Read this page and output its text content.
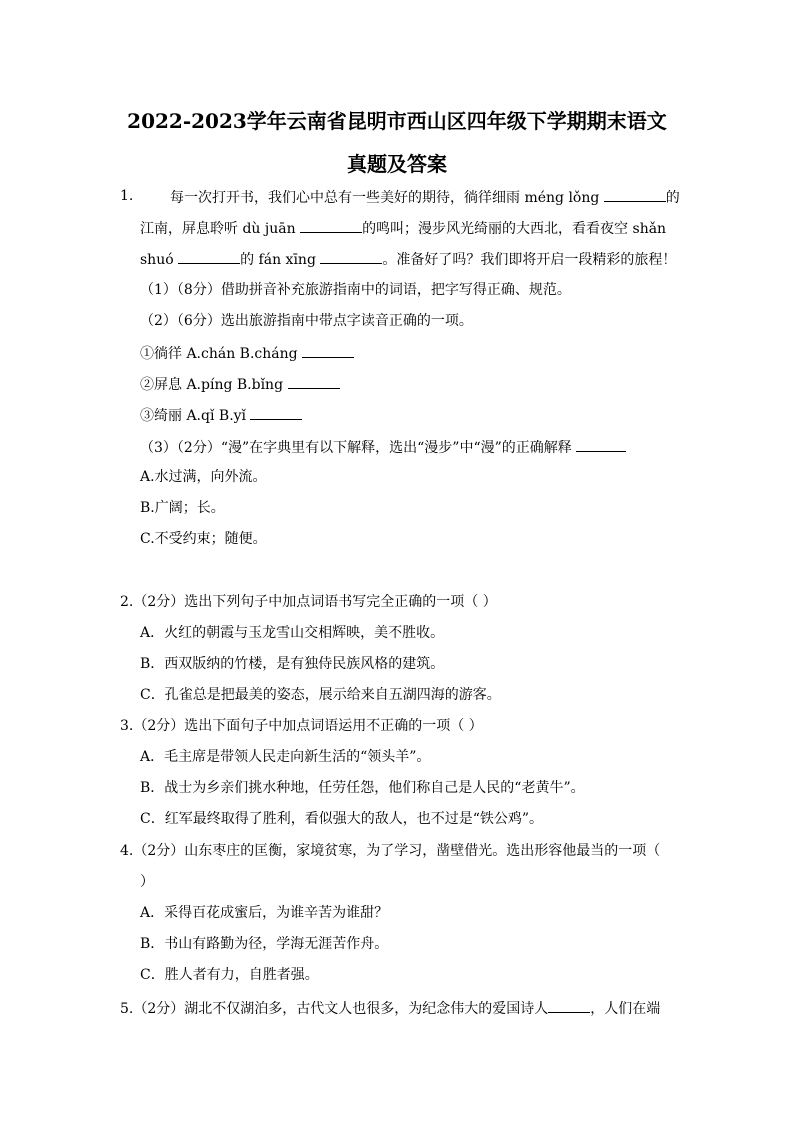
2022-2023学年云南省昆明市西山区四年级下学期期末语文
真题及答案
1.	每一次打开书，我们心中总有一些美好的期待，徜徉细雨 méng lǒng	的
江南，屏息聆听 dù juān	的鸣叫；漫步风光绮丽的大西北，看看夜空 shǎn
shuó	的 fán xīng	。准备好了吗？我们即将开启一段精彩的旅程！
（1）（8分）借助拼音补充旅游指南中的词语，把字写得正确、规范。
（2）（6分）选出旅游指南中带点字读音正确的一项。
①徜徉 A.chán B.cháng
②屏息 A.píng B.bǐng
③绮丽 A.qǐ B.yǐ
（3）（2分）“漫”在字典里有以下解释，选出“漫步”中“漫”的正确解释
A.水过满，向外流。
B.广阔；长。
C.不受约束；随便。
2.（2分）选出下列句子中加点词语书写完全正确的一项（ ）
A．火红的朝霞与玉龙雪山交相辉映，美不胜收。
B．西双版纳的竹楼，是有独侍民族风格的建筑。
C．孔雀总是把最美的姿态，展示给来自五湖四海的游客。
3.（2分）选出下面句子中加点词语运用不正确的一项（ ）
A．毛主席是带领人民走向新生活的“领头羊”。
B．战士为乡亲们挑水种地，任劳任怨，他们称自己是人民的“老黄牛”。
C．红军最终取得了胜利，看似强大的敌人，也不过是“铁公鸡”。
4.（2分）山东枣庄的匡衡，家境贫寒，为了学习，凿壁借光。选出形容他最当的一项（
）
A．采得百花成蜜后，为谁辛苦为谁甜？
B．书山有路勤为径，学海无涯苦作舟。
C．胜人者有力，自胜者强。
5.（2分）湖北不仅湖泊多，古代文人也很多，为纪念伟大的爱国诗人	，人们在端
